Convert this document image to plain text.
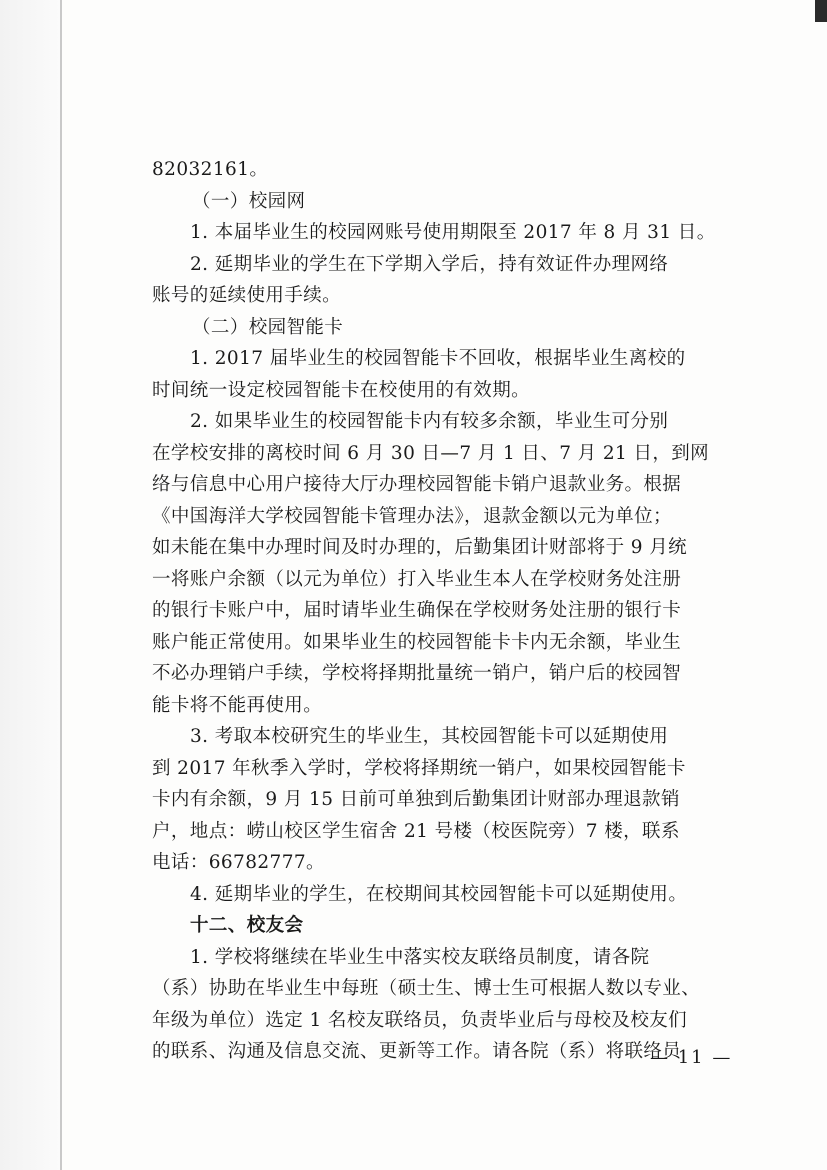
82032161。
（一）校园网
1. 本届毕业生的校园网账号使用期限至 2017 年 8 月 31 日。
2. 延期毕业的学生在下学期入学后，持有效证件办理网络
账号的延续使用手续。
（二）校园智能卡
1. 2017 届毕业生的校园智能卡不回收，根据毕业生离校的
时间统一设定校园智能卡在校使用的有效期。
2. 如果毕业生的校园智能卡内有较多余额，毕业生可分别
在学校安排的离校时间 6 月 30 日—7 月 1 日、7 月 21 日，到网
络与信息中心用户接待大厅办理校园智能卡销户退款业务。根据
《中国海洋大学校园智能卡管理办法》，退款金额以元为单位；
如未能在集中办理时间及时办理的，后勤集团计财部将于 9 月统
一将账户余额（以元为单位）打入毕业生本人在学校财务处注册
的银行卡账户中，届时请毕业生确保在学校财务处注册的银行卡
账户能正常使用。如果毕业生的校园智能卡卡内无余额，毕业生
不必办理销户手续，学校将择期批量统一销户，销户后的校园智
能卡将不能再使用。
3. 考取本校研究生的毕业生，其校园智能卡可以延期使用
到 2017 年秋季入学时，学校将择期统一销户，如果校园智能卡
卡内有余额，9 月 15 日前可单独到后勤集团计财部办理退款销
户，地点：崂山校区学生宿舍 21 号楼（校医院旁）7 楼，联系
电话：66782777。
4. 延期毕业的学生，在校期间其校园智能卡可以延期使用。
十二、校友会
1. 学校将继续在毕业生中落实校友联络员制度，请各院
（系）协助在毕业生中每班（硕士生、博士生可根据人数以专业、
年级为单位）选定 1 名校友联络员，负责毕业后与母校及校友们
的联系、沟通及信息交流、更新等工作。请各院（系）将联络员
— 11 —
